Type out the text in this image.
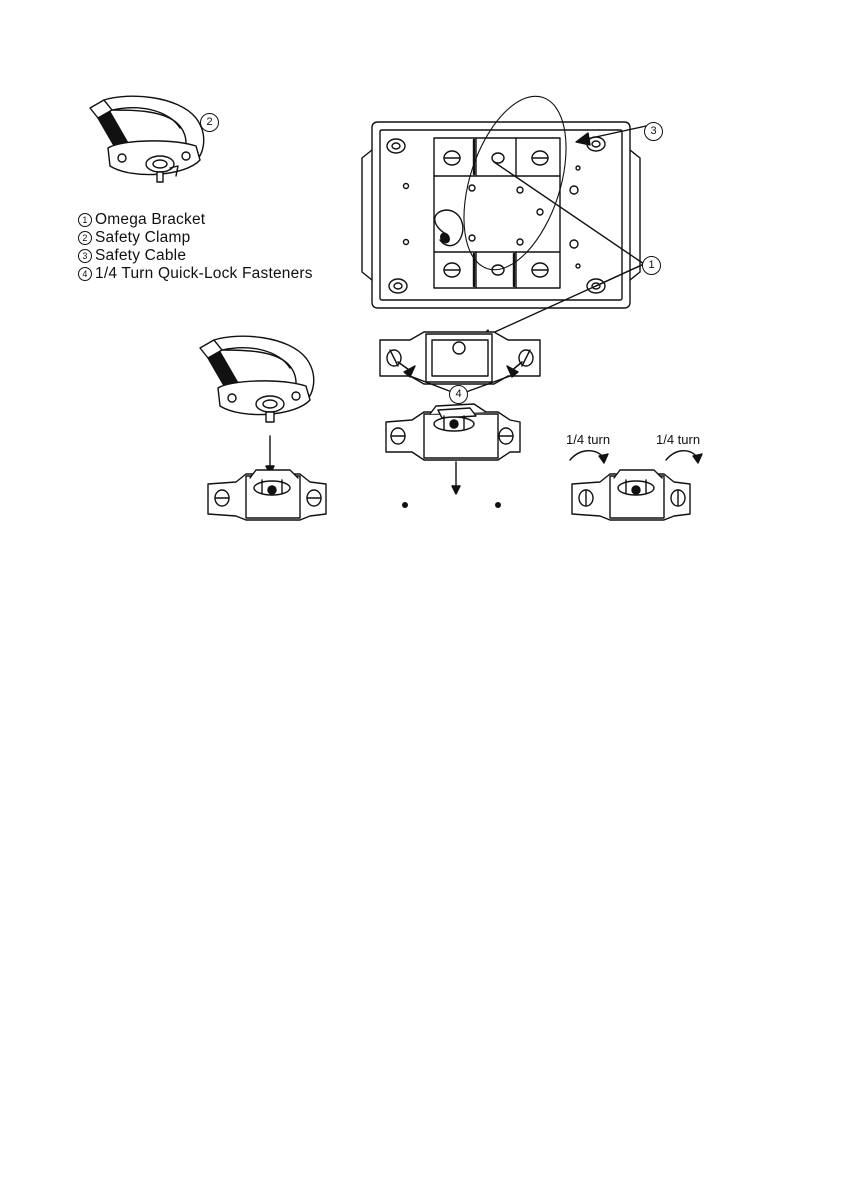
2
3
1
4
1/4 turn	1/4 turn
1 Omega Bracket
2 Safety Clamp
3 Safety Cable
4 1/4 Turn Quick-Lock Fasteners
